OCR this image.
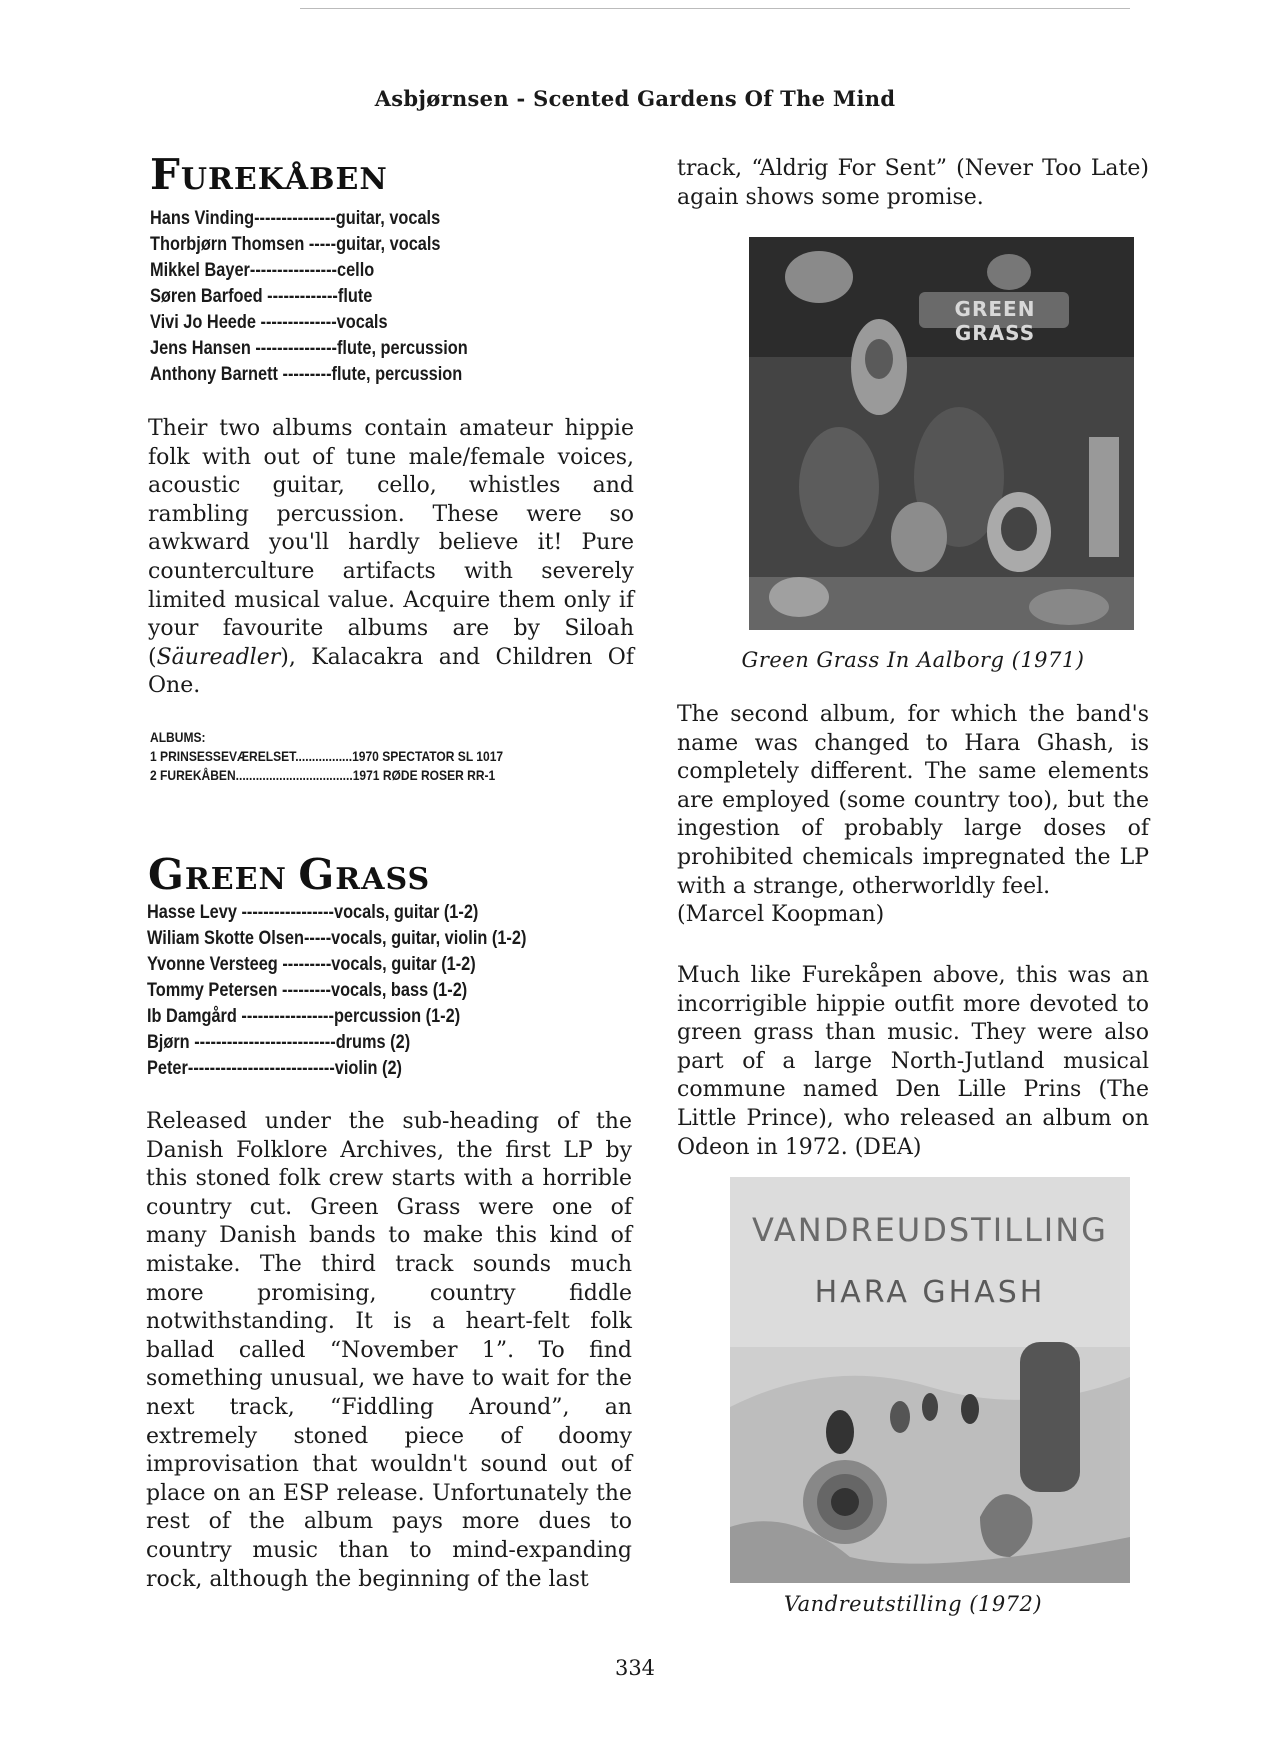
Asbjørnsen - Scented Gardens Of The Mind
FUREKÅBEN
Hans Vinding---------------guitar, vocals
Thorbjørn Thomsen -----guitar, vocals
Mikkel Bayer----------------cello
Søren Barfoed -------------flute
Vivi Jo Heede --------------vocals
Jens Hansen ---------------flute, percussion
Anthony Barnett ---------flute, percussion
Their two albums contain amateur hippie folk with out of tune male/female voices, acoustic guitar, cello, whistles and rambling percussion. These were so awkward you'll hardly believe it! Pure counterculture artifacts with severely limited musical value. Acquire them only if your favourite albums are by Siloah (Säureadler), Kalacakra and Children Of One.
ALBUMS:
1 PRINSESSEVÆRELSET.................1970 SPECTATOR SL 1017
2 FUREKÅBEN...................................1971 RØDE ROSER RR-1
GREEN GRASS
Hasse Levy -----------------vocals, guitar (1-2)
Wiliam Skotte Olsen-----vocals, guitar, violin (1-2)
Yvonne Versteeg ---------vocals, guitar (1-2)
Tommy Petersen ---------vocals, bass (1-2)
Ib Damgård -----------------percussion (1-2)
Bjørn --------------------------drums (2)
Peter---------------------------violin (2)
Released under the sub-heading of the Danish Folklore Archives, the first LP by this stoned folk crew starts with a horrible country cut. Green Grass were one of many Danish bands to make this kind of mistake. The third track sounds much more promising, country fiddle notwithstanding. It is a heart-felt folk ballad called “November 1”. To find something unusual, we have to wait for the next track, “Fiddling Around”, an extremely stoned piece of doomy improvisation that wouldn't sound out of place on an ESP release. Unfortunately the rest of the album pays more dues to country music than to mind-expanding rock, although the beginning of the last
track, “Aldrig For Sent” (Never Too Late) again shows some promise.
GREEN GRASS
Green Grass In Aalborg (1971)
The second album, for which the band's name was changed to Hara Ghash, is completely different. The same elements are employed (some country too), but the ingestion of probably large doses of prohibited chemicals impregnated the LP with a strange, otherworldly feel.
(Marcel Koopman)
Much like Furekåpen above, this was an incorrigible hippie outfit more devoted to green grass than music. They were also part of a large North-Jutland musical commune named Den Lille Prins (The Little Prince), who released an album on Odeon in 1972. (DEA)
VANDREUDSTILLING
HARA GHASH
Vandreutstilling (1972)
334
